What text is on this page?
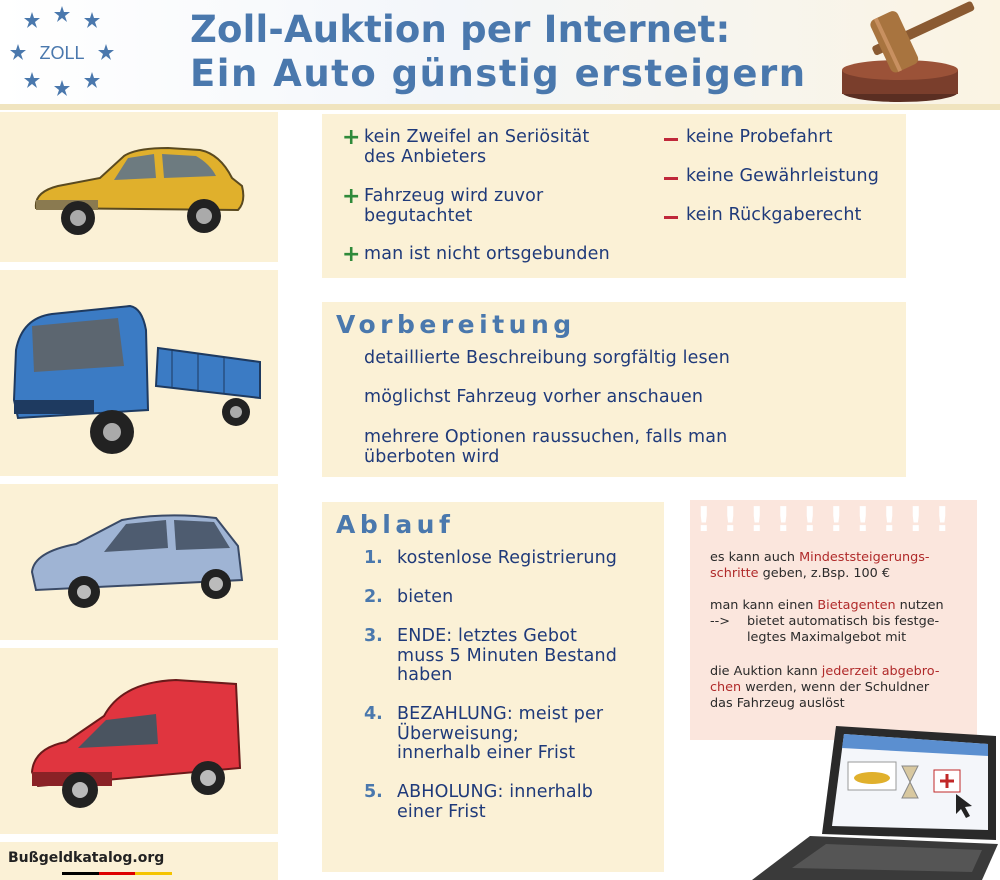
ZOLL
Zoll-Auktion per Internet:
Ein Auto günstig ersteigern
+ kein Zweifel an Seriösität
des Anbieters
+ Fahrzeug wird zuvor
begutachtet
+ man ist nicht ortsgebunden
keine Probefahrt
keine Gewährleistung
kein Rückgaberecht
Vorbereitung
detaillierte Beschreibung sorgfältig lesen
möglichst Fahrzeug vorher anschauen
mehrere Optionen raussuchen, falls man
überboten wird
Ablauf
1. kostenlose Registrierung
2. bieten
3. ENDE: letztes Gebot
muss 5 Minuten Bestand
haben
4. BEZAHLUNG: meist per
Überweisung;
innerhalb einer Frist
5. ABHOLUNG: innerhalb
einer Frist
!!!!!!!!!!
es kann auch Mindeststeigerungs-
schritte geben, z.Bsp. 100 €
man kann einen Bietagenten nutzen
--> bietet automatisch bis festge-
legtes Maximalgebot mit
die Auktion kann jederzeit abgebro-
chen werden, wenn der Schuldner
das Fahrzeug auslöst
Bußgeldkatalog.org
